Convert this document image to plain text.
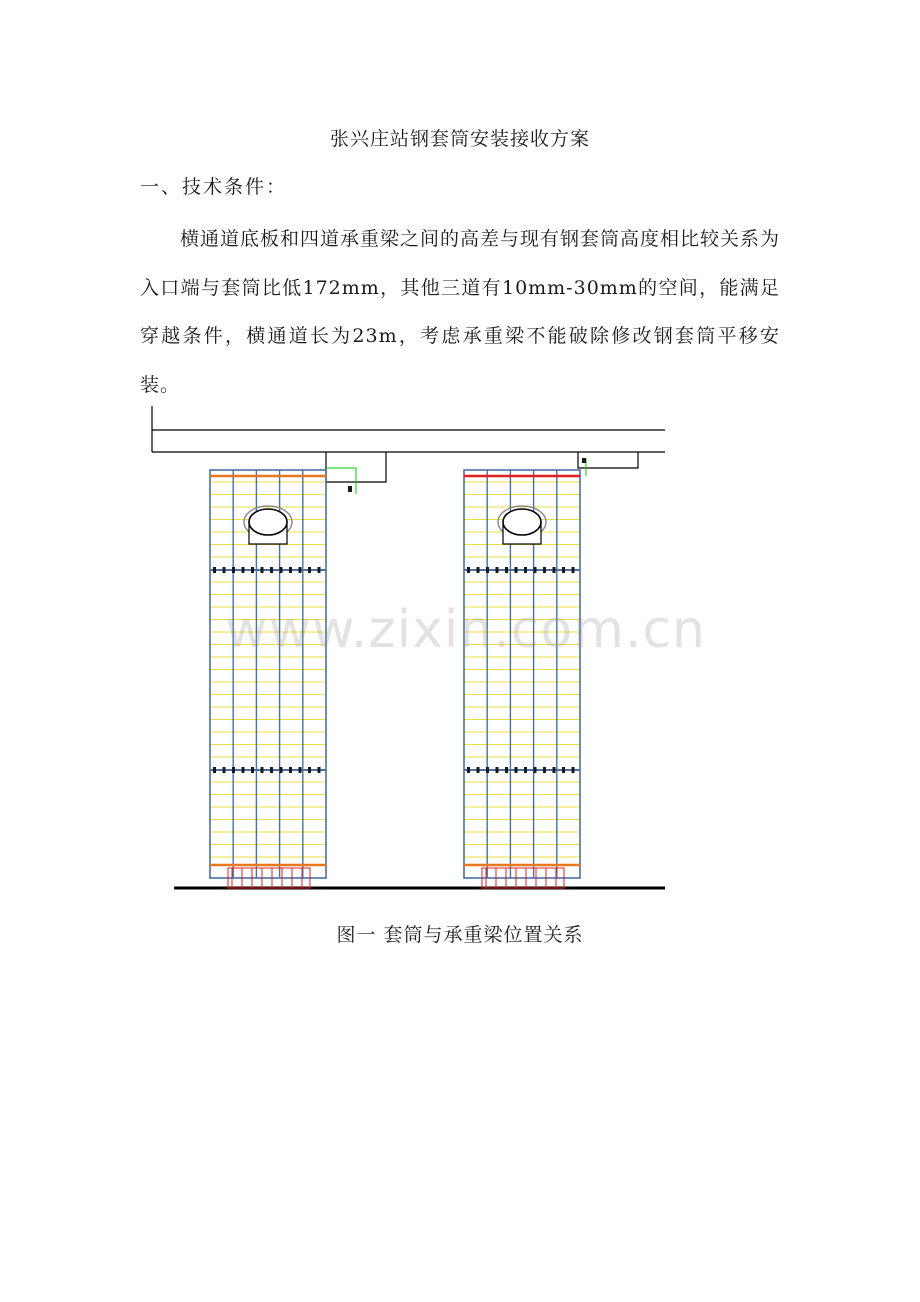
张兴庄站钢套筒安装接收方案
一、技术条件：
横通道底板和四道承重梁之间的高差与现有钢套筒高度相比较关系为入口端与套筒比低172mm，其他三道有10mm-30mm的空间，能满足穿越条件，横通道长为23m，考虑承重梁不能破除修改钢套筒平移安装。
图一 套筒与承重梁位置关系
www.zixin.com.cn
